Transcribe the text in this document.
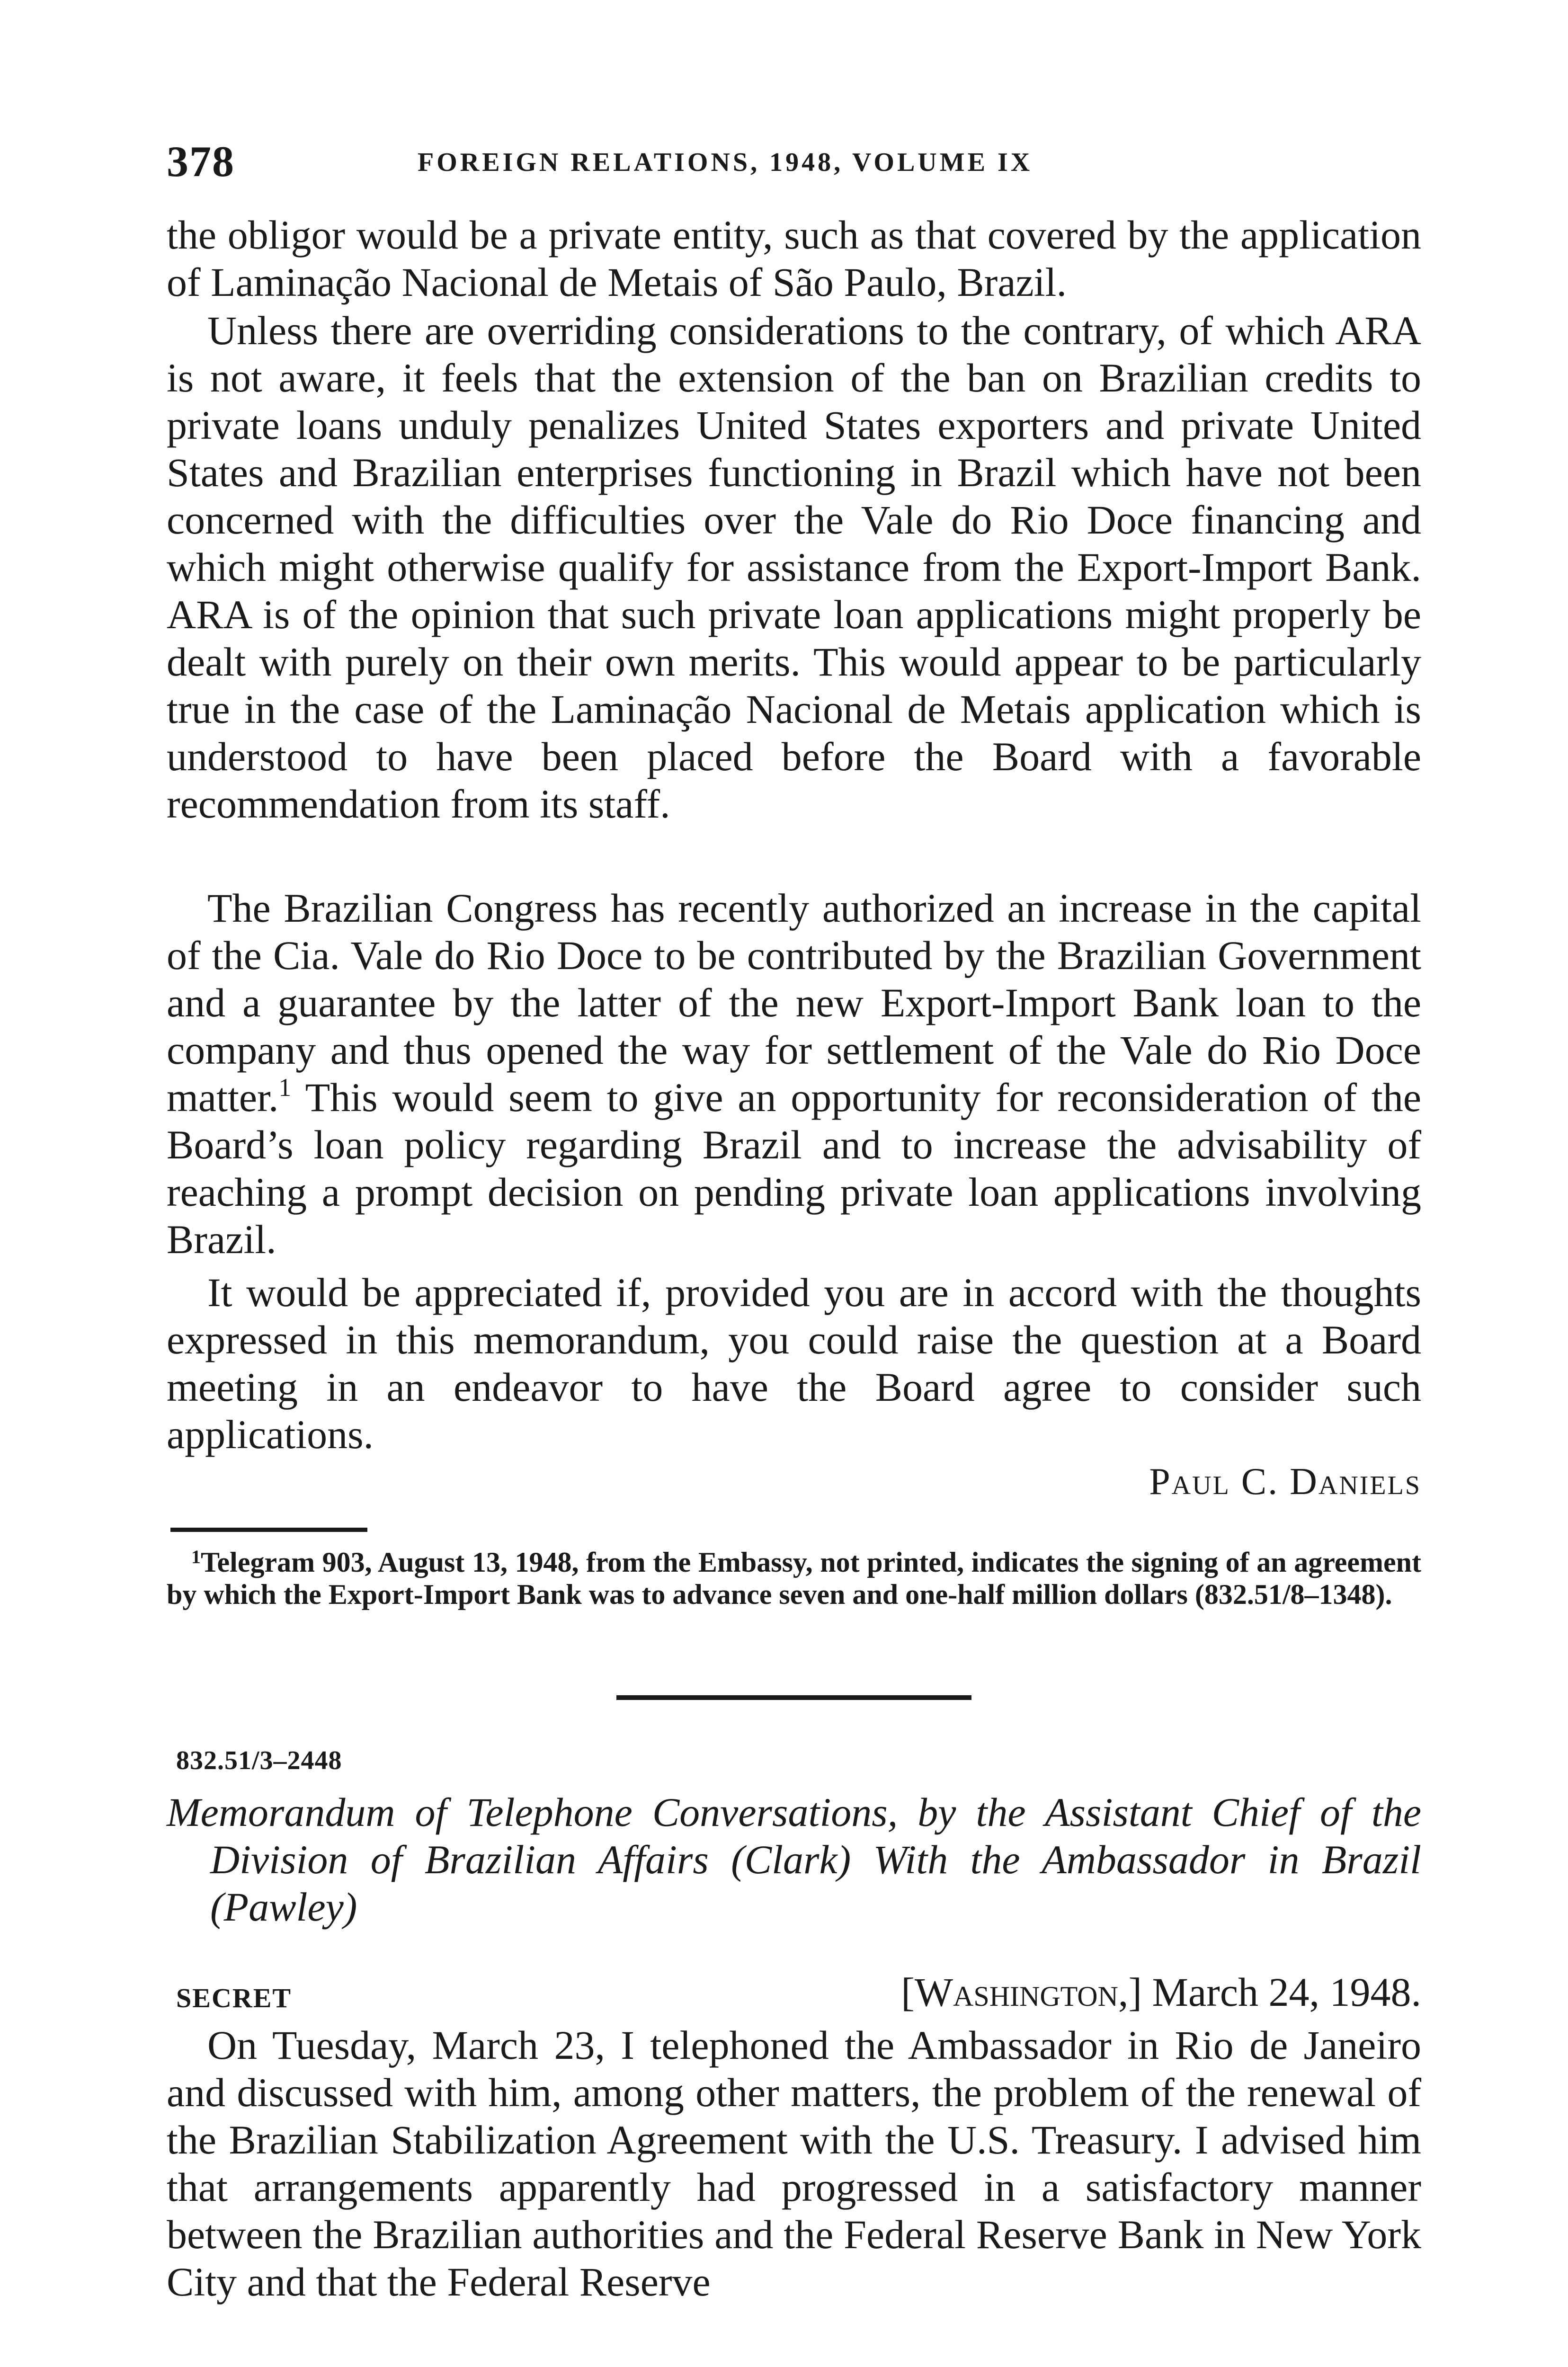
378	FOREIGN RELATIONS, 1948, VOLUME IX

the obligor would be a private entity, such as that covered by the application of Laminação Nacional de Metais of São Paulo, Brazil.

Unless there are overriding considerations to the contrary, of which ARA is not aware, it feels that the extension of the ban on Brazilian credits to private loans unduly penalizes United States exporters and private United States and Brazilian enterprises functioning in Brazil which have not been concerned with the difficulties over the Vale do Rio Doce financing and which might otherwise qualify for assistance from the Export-Import Bank. ARA is of the opinion that such private loan applications might properly be dealt with purely on their own merits. This would appear to be particularly true in the case of the Laminação Nacional de Metais application which is understood to have been placed before the Board with a favorable recommendation from its staff.

The Brazilian Congress has recently authorized an increase in the capital of the Cia. Vale do Rio Doce to be contributed by the Brazilian Government and a guarantee by the latter of the new Export-Import Bank loan to the company and thus opened the way for settlement of the Vale do Rio Doce matter.$^1$ This would seem to give an opportunity for reconsideration of the Board’s loan policy regarding Brazil and to increase the advisability of reaching a prompt decision on pending private loan applications involving Brazil.

It would be appreciated if, provided you are in accord with the thoughts expressed in this memorandum, you could raise the question at a Board meeting in an endeavor to have the Board agree to consider such applications.

Paul C. Daniels

$^1$Telegram 903, August 13, 1948, from the Embassy, not printed, indicates the signing of an agreement by which the Export-Import Bank was to advance seven and one-half million dollars (832.51/8–1348).

832.51/3–2448

Memorandum of Telephone Conversations, by the Assistant Chief of the Division of Brazilian Affairs (Clark) With the Ambassador in Brazil (Pawley)

SECRET	[Washington,] March 24, 1948.

On Tuesday, March 23, I telephoned the Ambassador in Rio de Janeiro and discussed with him, among other matters, the problem of the renewal of the Brazilian Stabilization Agreement with the U.S. Treasury. I advised him that arrangements apparently had progressed in a satisfactory manner between the Brazilian authorities and the Federal Reserve Bank in New York City and that the Federal Reserve
